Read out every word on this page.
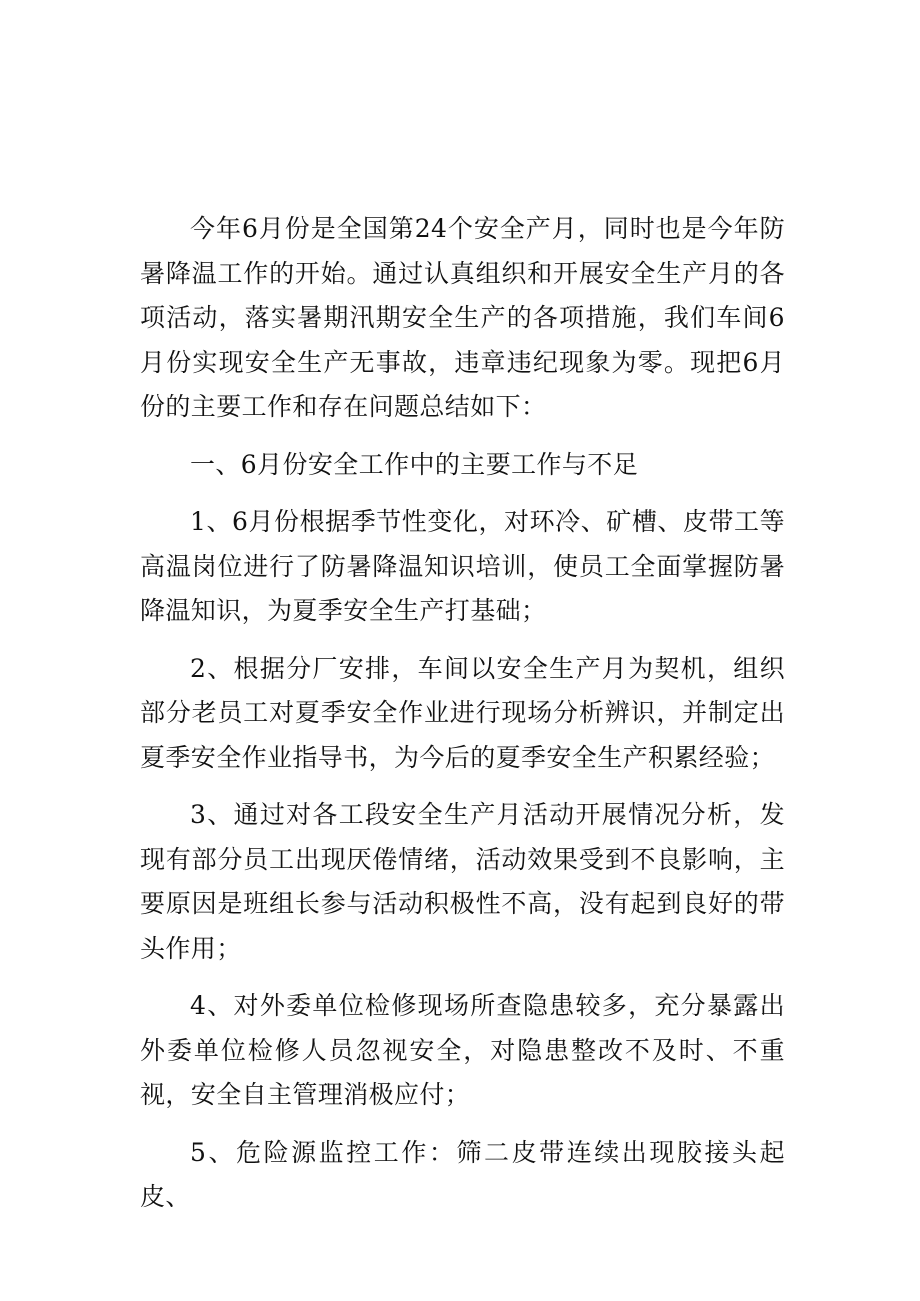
今年6月份是全国第24个安全产月，同时也是今年防暑降温工作的开始。通过认真组织和开展安全生产月的各项活动，落实暑期汛期安全生产的各项措施，我们车间6月份实现安全生产无事故，违章违纪现象为零。现把6月份的主要工作和存在问题总结如下：

一、6月份安全工作中的主要工作与不足

1、6月份根据季节性变化，对环冷、矿槽、皮带工等高温岗位进行了防暑降温知识培训，使员工全面掌握防暑降温知识，为夏季安全生产打基础；

2、根据分厂安排，车间以安全生产月为契机，组织部分老员工对夏季安全作业进行现场分析辨识，并制定出夏季安全作业指导书，为今后的夏季安全生产积累经验；

3、通过对各工段安全生产月活动开展情况分析，发现有部分员工出现厌倦情绪，活动效果受到不良影响，主要原因是班组长参与活动积极性不高，没有起到良好的带头作用；

4、对外委单位检修现场所查隐患较多，充分暴露出外委单位检修人员忽视安全，对隐患整改不及时、不重视，安全自主管理消极应付；

5、危险源监控工作：筛二皮带连续出现胶接头起皮、
